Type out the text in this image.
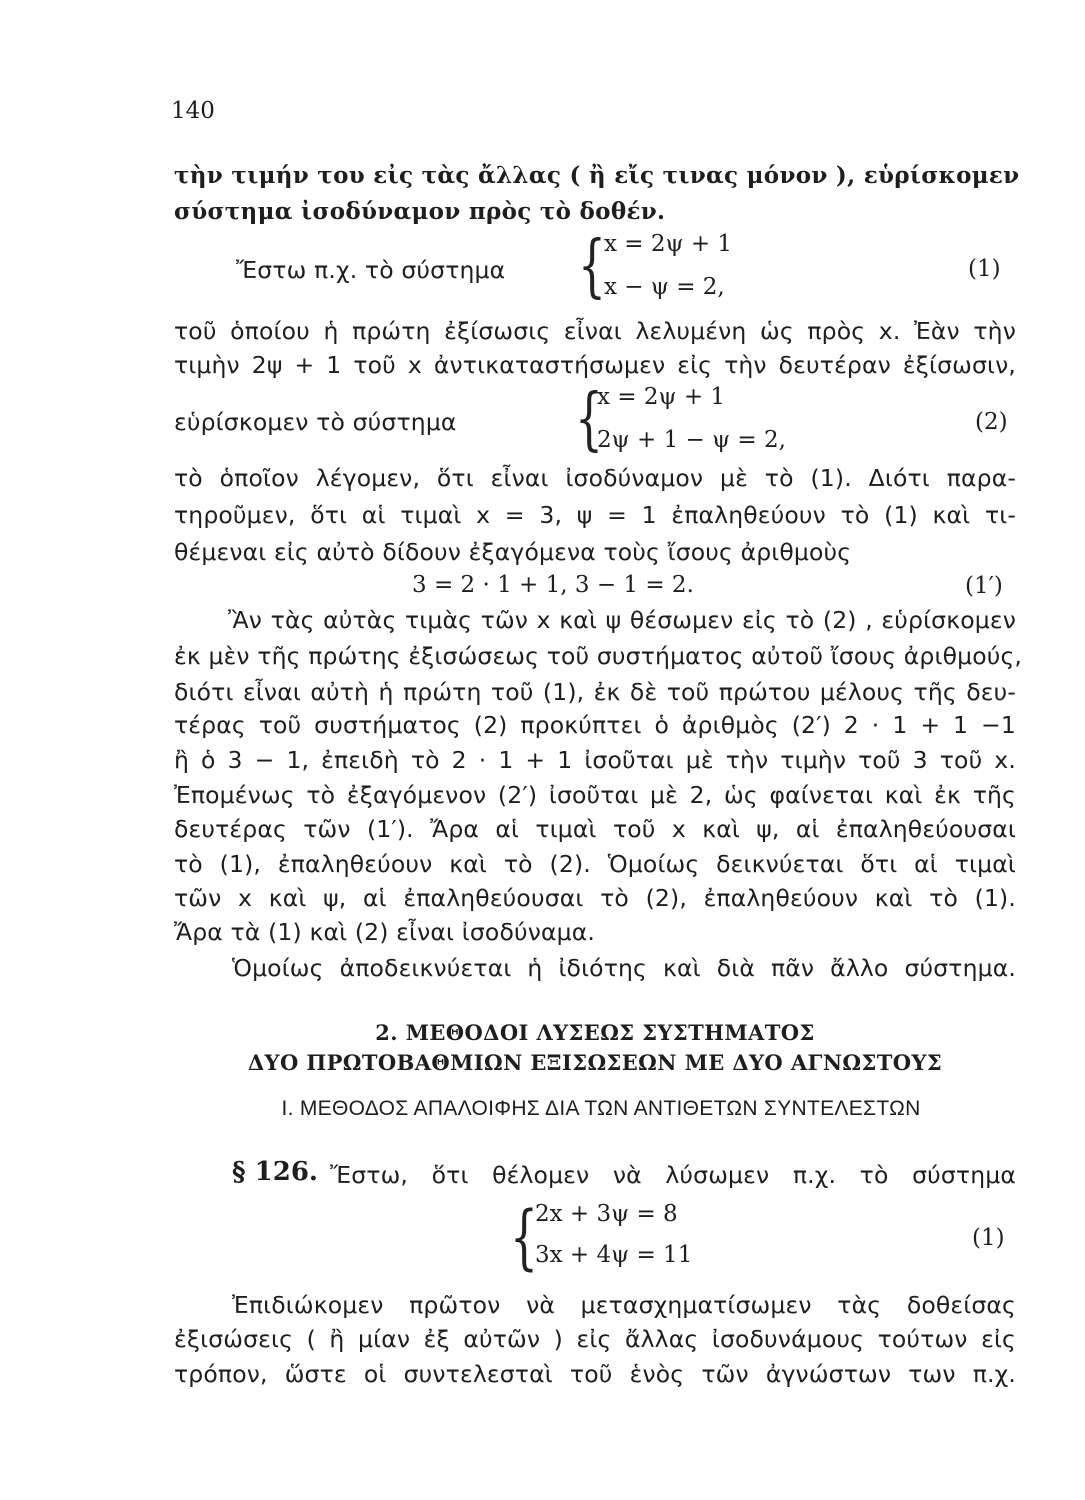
140
τὴν τιμήν του εἰς τὰς ἄλλας ( ἢ εἴς τινας μόνον ), εὑρίσκομεν
σύστημα ἰσοδύναμον πρὸς τὸ δοθέν.
Ἔστω π.χ. τὸ σύστημα {
x = 2ψ + 1
x − ψ = 2,
(1)
τοῦ ὁποίου ἡ πρώτη ἐξίσωσις εἶναι λελυμένη ὡς πρὸς x. Ἐὰν τὴν
τιμὴν 2ψ + 1 τοῦ x ἀντικαταστήσωμεν εἰς τὴν δευτέραν ἐξίσωσιν,
εὑρίσκομεν τὸ σύστημα	{
x = 2ψ + 1
2ψ + 1 − ψ = 2,
(2)
τὸ ὁποῖον λέγομεν, ὅτι εἶναι ἰσοδύναμον μὲ τὸ (1). Διότι παρα-
τηροῦμεν, ὅτι αἱ τιμαὶ x = 3, ψ = 1 ἐπαληθεύουν τὸ (1) καὶ τι-
θέμεναι εἰς αὐτὸ δίδουν ἐξαγόμενα τοὺς ἴσους ἀριθμοὺς
3 = 2 · 1 + 1, 3 − 1 = 2.	(1′)
Ἂν τὰς αὐτὰς τιμὰς τῶν x καὶ ψ θέσωμεν εἰς τὸ (2) , εὑρίσκομεν
ἐκ μὲν τῆς πρώτης ἐξισώσεως τοῦ συστήματος αὐτοῦ ἴσους ἀριθμούς,
διότι εἶναι αὐτὴ ἡ πρώτη τοῦ (1), ἐκ δὲ τοῦ πρώτου μέλους τῆς δευ-
τέρας τοῦ συστήματος (2) προκύπτει ὁ ἀριθμὸς (2′) 2 · 1 + 1 −1
ἢ ὁ 3 − 1, ἐπειδὴ τὸ 2 · 1 + 1 ἰσοῦται μὲ τὴν τιμὴν τοῦ 3 τοῦ x.
Ἐπομένως τὸ ἐξαγόμενον (2′) ἰσοῦται μὲ 2, ὡς φαίνεται καὶ ἐκ τῆς
δευτέρας τῶν (1′). Ἄρα αἱ τιμαὶ τοῦ x καὶ ψ, αἱ ἐπαληθεύουσαι
τὸ (1), ἐπαληθεύουν καὶ τὸ (2). Ὁμοίως δεικνύεται ὅτι αἱ τιμαὶ
τῶν x καὶ ψ, αἱ ἐπαληθεύουσαι τὸ (2), ἐπαληθεύουν καὶ τὸ (1).
Ἄρα τὰ (1) καὶ (2) εἶναι ἰσοδύναμα.
Ὁμοίως ἀποδεικνύεται ἡ ἰδιότης καὶ διὰ πᾶν ἄλλο σύστημα.
2. ΜΕΘΟΔΟΙ ΛΥΣΕΩΣ ΣΥΣΤΗΜΑΤΟΣ
ΔΥΟ ΠΡΩΤΟΒΑΘΜΙΩΝ ΕΞΙΣΩΣΕΩΝ ΜΕ ΔΥΟ ΑΓΝΩΣΤΟΥΣ
Ι. ΜΕΘΟΔΟΣ ΑΠΑΛΟΙΦΗΣ ΔΙΑ ΤΩΝ ΑΝΤΙΘΕΤΩΝ ΣΥΝΤΕΛΕΣΤΩΝ
§ 126. Ἔστω, ὅτι θέλομεν νὰ λύσωμεν π.χ. τὸ σύστημα
{
2x + 3ψ = 8
3x + 4ψ = 11
(1)
Ἐπιδιώκομεν πρῶτον νὰ μετασχηματίσωμεν τὰς δοθείσας
ἐξισώσεις ( ἢ μίαν ἐξ αὐτῶν ) εἰς ἄλλας ἰσοδυνάμους τούτων εἰς
τρόπον, ὥστε οἱ συντελεσταὶ τοῦ ἑνὸς τῶν ἀγνώστων των π.χ.
